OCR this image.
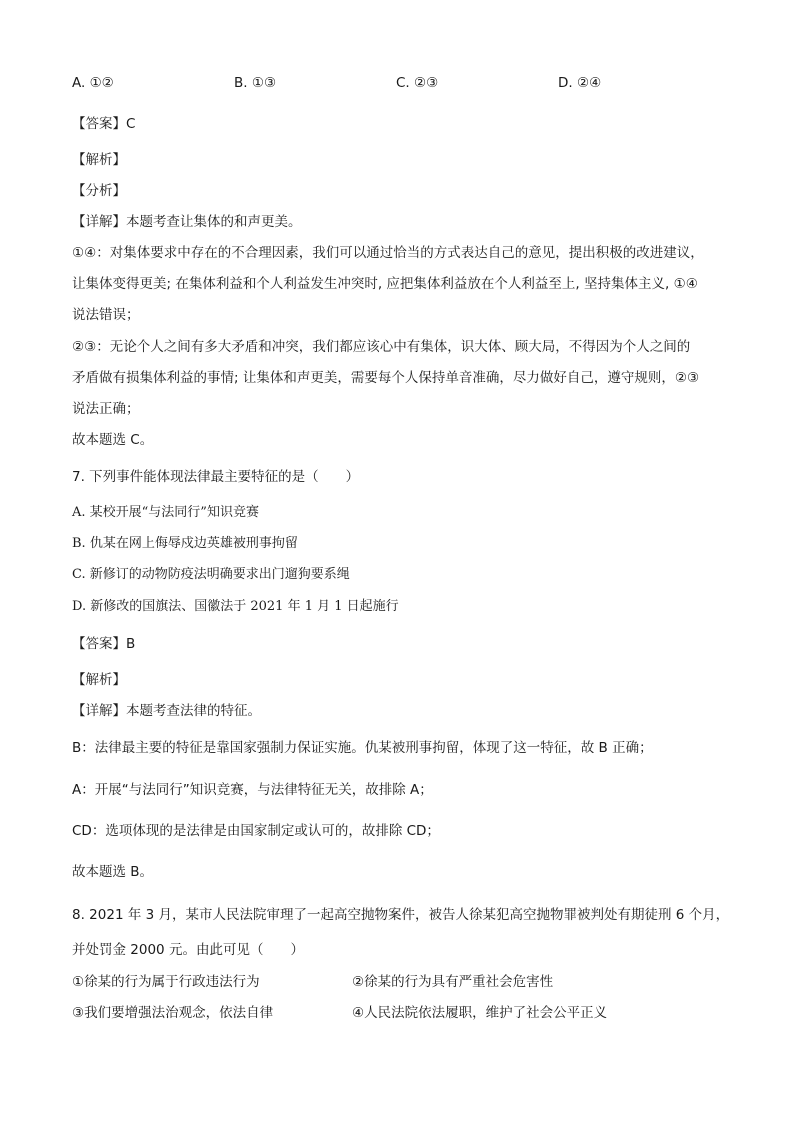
A. ①②	B. ①③	C. ②③	D. ②④
【答案】C
【解析】
【分析】
【详解】本题考查让集体的和声更美。
①④：对集体要求中存在的不合理因素，我们可以通过恰当的方式表达自己的意见，提出积极的改进建议，
让集体变得更美; 在集体利益和个人利益发生冲突时, 应把集体利益放在个人利益至上, 坚持集体主义, ①④
说法错误；
②③：无论个人之间有多大矛盾和冲突，我们都应该心中有集体，识大体、顾大局，不得因为个人之间的
矛盾做有损集体利益的事情; 让集体和声更美，需要每个人保持单音准确，尽力做好自己，遵守规则，②③
说法正确；
故本题选 C。
7. 下列事件能体现法律最主要特征的是（　　）
A. 某校开展“与法同行”知识竞赛
B. 仇某在网上侮辱戍边英雄被刑事拘留
C. 新修订的动物防疫法明确要求出门遛狗要系绳
D. 新修改的国旗法、国徽法于 2021 年 1 月 1 日起施行
【答案】B
【解析】
【详解】本题考查法律的特征。
B：法律最主要的特征是靠国家强制力保证实施。仇某被刑事拘留，体现了这一特征，故 B 正确；
A：开展“与法同行”知识竞赛，与法律特征无关，故排除 A；
CD：选项体现的是法律是由国家制定或认可的，故排除 CD；
故本题选 B。
8. 2021 年 3 月，某市人民法院审理了一起高空抛物案件，被告人徐某犯高空抛物罪被判处有期徒刑 6 个月，
并处罚金 2000 元。由此可见（　　）
①徐某的行为属于行政违法行为	②徐某的行为具有严重社会危害性
③我们要增强法治观念，依法自律	④人民法院依法履职，维护了社会公平正义
